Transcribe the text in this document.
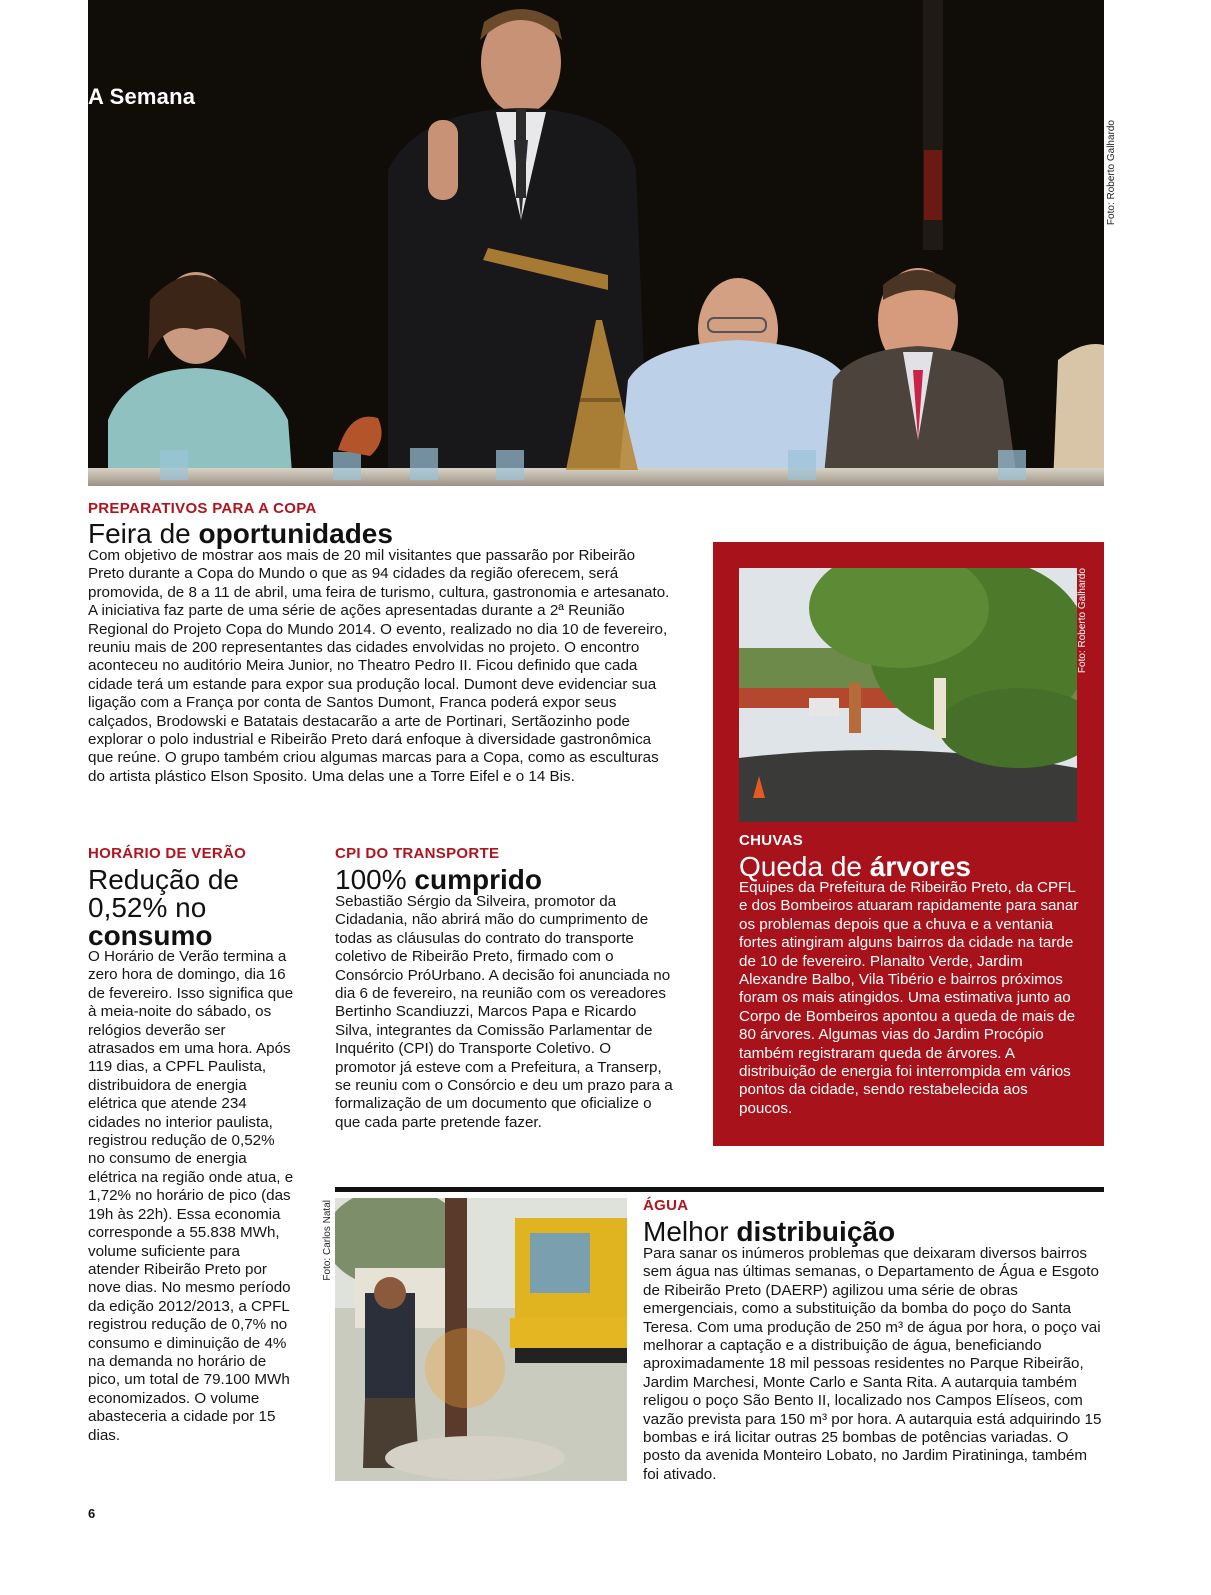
A Semana
Foto: Roberto Galhardo
PREPARATIVOS PARA A COPA
Feira de oportunidades
Com objetivo de mostrar aos mais de 20 mil visitantes que passarão por Ribeirão Preto durante a Copa do Mundo o que as 94 cidades da região oferecem, será promovida, de 8 a 11 de abril, uma feira de turismo, cultura, gastronomia e artesanato. A iniciativa faz parte de uma série de ações apresentadas durante a 2ª Reunião Regional do Projeto Copa do Mundo 2014. O evento, realizado no dia 10 de fevereiro, reuniu mais de 200 representantes das cidades envolvidas no projeto. O encontro aconteceu no auditório Meira Junior, no Theatro Pedro II. Ficou definido que cada cidade terá um estande para expor sua produção local. Dumont deve evidenciar sua ligação com a França por conta de Santos Dumont, Franca poderá expor seus calçados, Brodowski e Batatais destacarão a arte de Portinari, Sertãozinho pode explorar o polo industrial e Ribeirão Preto dará enfoque à diversidade gastronômica que reúne. O grupo também criou algumas marcas para a Copa, como as esculturas do artista plástico Elson Sposito. Uma delas une a Torre Eifel e o 14 Bis.
Foto: Roberto Galhardo
CHUVAS
Queda de árvores
Equipes da Prefeitura de Ribeirão Preto, da CPFL e dos Bombeiros atuaram rapidamente para sanar os problemas depois que a chuva e a ventania fortes atingiram alguns bairros da cidade na tarde de 10 de fevereiro. Planalto Verde, Jardim Alexandre Balbo, Vila Tibério e bairros próximos foram os mais atingidos. Uma estimativa junto ao Corpo de Bombeiros apontou a queda de mais de 80 árvores. Algumas vias do Jardim Procópio também registraram queda de árvores. A distribuição de energia foi interrompida em vários pontos da cidade, sendo restabelecida aos poucos.
HORÁRIO DE VERÃO
Redução de 0,52% no consumo
O Horário de Verão termina a zero hora de domingo, dia 16 de fevereiro. Isso significa que à meia-noite do sábado, os relógios deverão ser atrasados em uma hora. Após 119 dias, a CPFL Paulista, distribuidora de energia elétrica que atende 234 cidades no interior paulista, registrou redução de 0,52% no consumo de energia elétrica na região onde atua, e 1,72% no horário de pico (das 19h às 22h). Essa economia corresponde a 55.838 MWh, volume suficiente para atender Ribeirão Preto por nove dias. No mesmo período da edição 2012/2013, a CPFL registrou redução de 0,7% no consumo e diminuição de 4% na demanda no horário de pico, um total de 79.100 MWh economizados. O volume abasteceria a cidade por 15 dias.
CPI DO TRANSPORTE
100% cumprido
Sebastião Sérgio da Silveira, promotor da Cidadania, não abrirá mão do cumprimento de todas as cláusulas do contrato do transporte coletivo de Ribeirão Preto, firmado com o Consórcio PróUrbano. A decisão foi anunciada no dia 6 de fevereiro, na reunião com os vereadores Bertinho Scandiuzzi, Marcos Papa e Ricardo Silva, integrantes da Comissão Parlamentar de Inquérito (CPI) do Transporte Coletivo. O promotor já esteve com a Prefeitura, a Transerp, se reuniu com o Consórcio e deu um prazo para a formalização de um documento que oficialize o que cada parte pretende fazer.
Foto: Carlos Natal	ÁGUA
Melhor distribuição
Para sanar os inúmeros problemas que deixaram diversos bairros sem água nas últimas semanas, o Departamento de Água e Esgoto de Ribeirão Preto (DAERP) agilizou uma série de obras emergenciais, como a substituição da bomba do poço do Santa Teresa. Com uma produção de 250 m³ de água por hora, o poço vai melhorar a captação e a distribuição de água, beneficiando aproximadamente 18 mil pessoas residentes no Parque Ribeirão, Jardim Marchesi, Monte Carlo e Santa Rita. A autarquia também religou o poço São Bento II, localizado nos Campos Elíseos, com vazão prevista para 150 m³ por hora. A autarquia está adquirindo 15 bombas e irá licitar outras 25 bombas de potências variadas. O posto da avenida Monteiro Lobato, no Jardim Piratininga, também foi ativado.
6
